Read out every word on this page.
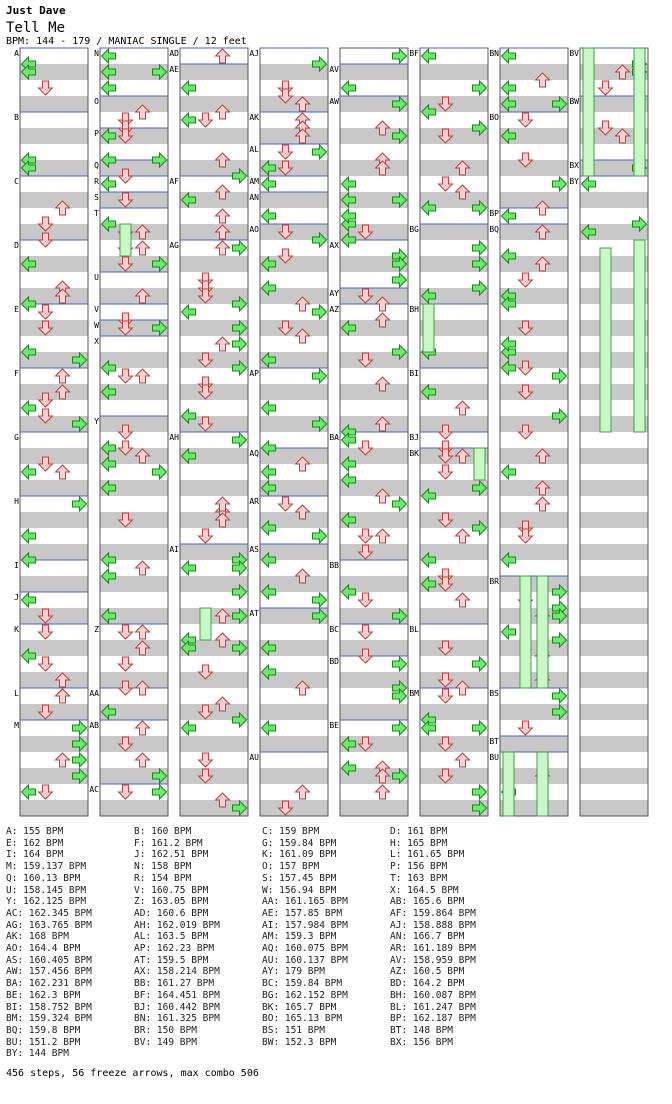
Just Dave
Tell Me
BPM: 144 - 179 / MANIAC SINGLE / 12 feet
A
B
C
D
E
F
G
H
I
J
K
L
M
N
O
P
Q
R
S
T
U
V
W
X
Y
Z
AA
AB
AC
AD
AE
AF
AG
AH
AI
AJ
AK
AL
AM
AN
AO
AP
AQ
AR
AS
AT
AU
AV
AW
AX
AY
AZ
BA
BB
BC
BD
BE
BF
BG
BH
BI
BJ
BK
BL
BM
BN
BO
BP
BQ
BR
BS
BT
BU
BV
BW
BX
BY
A: 155 BPM	B: 160 BPM	C: 159 BPM	D: 161 BPM
E: 162 BPM	F: 161.2 BPM	G: 159.84 BPM	H: 165 BPM
I: 164 BPM	J: 162.51 BPM	K: 161.09 BPM	L: 161.65 BPM
M: 159.137 BPM	N: 158 BPM	O: 157 BPM	P: 156 BPM
Q: 160.13 BPM	R: 154 BPM	S: 157.45 BPM	T: 163 BPM
U: 158.145 BPM	V: 160.75 BPM	W: 156.94 BPM	X: 164.5 BPM
Y: 162.125 BPM	Z: 163.05 BPM	AA: 161.165 BPM	AB: 165.6 BPM
AC: 162.345 BPM	AD: 160.6 BPM	AE: 157.85 BPM	AF: 159.864 BPM
AG: 163.765 BPM	AH: 162.019 BPM	AI: 157.984 BPM	AJ: 158.888 BPM
AK: 168 BPM	AL: 163.5 BPM	AM: 159.3 BPM	AN: 166.7 BPM
AO: 164.4 BPM	AP: 162.23 BPM	AQ: 160.075 BPM	AR: 161.189 BPM
AS: 160.405 BPM	AT: 159.5 BPM	AU: 160.137 BPM	AV: 158.959 BPM
AW: 157.456 BPM	AX: 158.214 BPM	AY: 179 BPM	AZ: 160.5 BPM
BA: 162.231 BPM	BB: 161.27 BPM	BC: 159.84 BPM	BD: 164.2 BPM
BE: 162.3 BPM	BF: 164.451 BPM	BG: 162.152 BPM	BH: 160.087 BPM
BI: 158.752 BPM	BJ: 160.442 BPM	BK: 165.7 BPM	BL: 161.247 BPM
BM: 159.324 BPM	BN: 161.325 BPM	BO: 165.13 BPM	BP: 162.187 BPM
BQ: 159.8 BPM	BR: 150 BPM	BS: 151 BPM	BT: 148 BPM
BU: 151.2 BPM	BV: 149 BPM	BW: 152.3 BPM	BX: 156 BPM
BY: 144 BPM
456 steps, 56 freeze arrows, max combo 506
